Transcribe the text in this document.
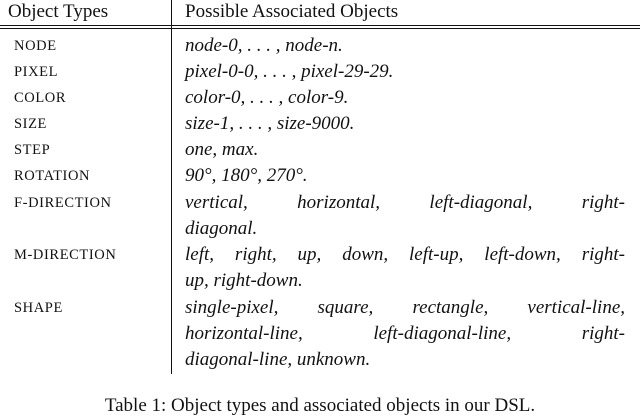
Object Types	Possible Associated Objects
NODE	node-0, . . . , node-n.
PIXEL	pixel-0-0, . . . , pixel-29-29.
COLOR	color-0, . . . , color-9.
SIZE	size-1, . . . , size-9000.
STEP	one, max.
ROTATION	90°, 180°, 270°.
F-DIRECTION	vertical, horizontal, left-diagonal, right-
diagonal.
M-DIRECTION	left, right, up, down, left-up, left-down, right-
up, right-down.
SHAPE	single-pixel, square, rectangle, vertical-line,
horizontal-line, left-diagonal-line, right-
diagonal-line, unknown.
Table 1: Object types and associated objects in our DSL.
